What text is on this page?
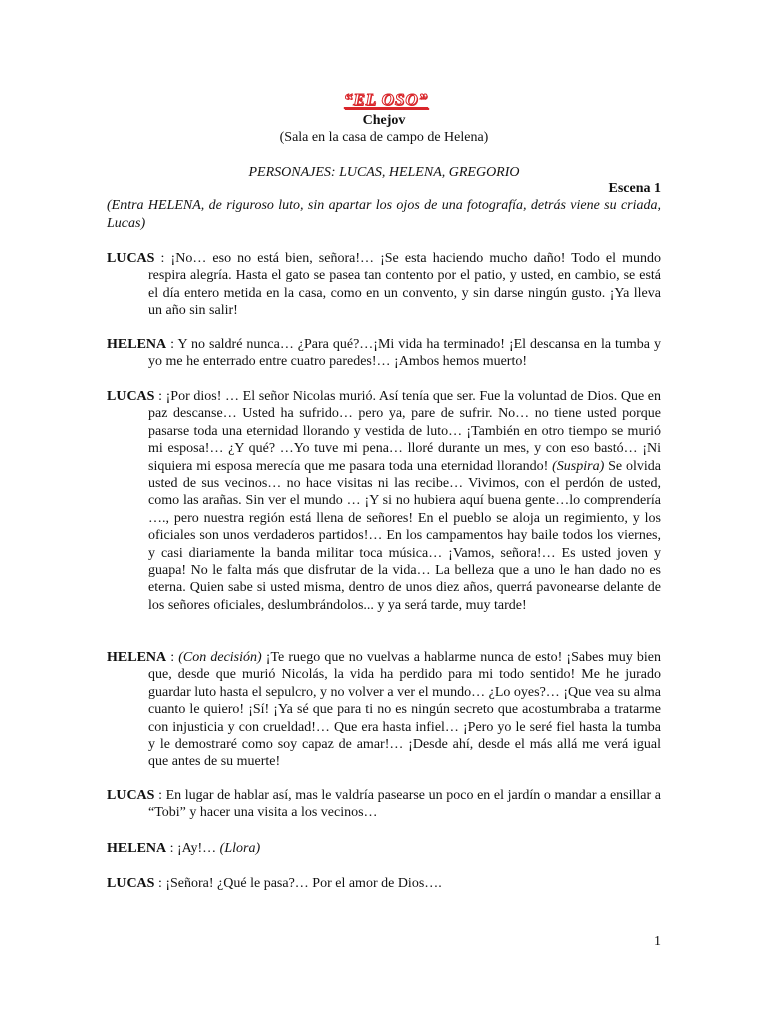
“EL OSO”
Chejov
(Sala en la casa de campo de Helena)
PERSONAJES: LUCAS, HELENA, GREGORIO
Escena 1
(Entra HELENA, de riguroso luto, sin apartar los ojos de una fotografía, detrás viene su criada, Lucas)
LUCAS : ¡No… eso no está bien, señora!… ¡Se esta haciendo mucho daño! Todo el mundo respira alegría. Hasta el gato se pasea tan contento por el patio, y usted, en cambio, se está el día entero metida en la casa, como en un convento, y sin darse ningún gusto. ¡Ya lleva un año sin salir!
HELENA : Y no saldré nunca… ¿Para qué?…¡Mi vida ha terminado! ¡El descansa en la tumba y yo me he enterrado entre cuatro paredes!… ¡Ambos hemos muerto!
LUCAS : ¡Por dios! … El señor Nicolas murió. Así tenía que ser. Fue la voluntad de Dios. Que en paz descanse… Usted ha sufrido… pero ya, pare de sufrir. No… no tiene usted porque pasarse toda una eternidad llorando y vestida de luto… ¡También en otro tiempo se murió mi esposa!… ¿Y qué? …Yo tuve mi pena… lloré durante un mes, y con eso bastó… ¡Ni siquiera mi esposa merecía que me pasara toda una eternidad llorando! (Suspira) Se olvida usted de sus vecinos… no hace visitas ni las recibe… Vivimos, con el perdón de usted, como las arañas. Sin ver el mundo … ¡Y si no hubiera aquí buena gente…lo comprendería …., pero nuestra región está llena de señores! En el pueblo se aloja un regimiento, y los oficiales son unos verdaderos partidos!… En los campamentos hay baile todos los viernes, y casi diariamente la banda militar toca música… ¡Vamos, señora!… Es usted joven y guapa! No le falta más que disfrutar de la vida… La belleza que a uno le han dado no es eterna. Quien sabe si usted misma, dentro de unos diez años, querrá pavonearse delante de los señores oficiales, deslumbrándolos... y ya será tarde, muy tarde!
HELENA : (Con decisión) ¡Te ruego que no vuelvas a hablarme nunca de esto! ¡Sabes muy bien que, desde que murió Nicolás, la vida ha perdido para mi todo sentido! Me he jurado guardar luto hasta el sepulcro, y no volver a ver el mundo… ¿Lo oyes?… ¡Que vea su alma cuanto le quiero! ¡Sí! ¡Ya sé que para ti no es ningún secreto que acostumbraba a tratarme con injusticia y con crueldad!… Que era hasta infiel… ¡Pero yo le seré fiel hasta la tumba y le demostraré como soy capaz de amar!… ¡Desde ahí, desde el más allá me verá igual que antes de su muerte!
LUCAS : En lugar de hablar así, mas le valdría pasearse un poco en el jardín o mandar a ensillar a “Tobi” y hacer una visita a los vecinos…
HELENA : ¡Ay!… (Llora)
LUCAS : ¡Señora! ¿Qué le pasa?… Por el amor de Dios….
1
